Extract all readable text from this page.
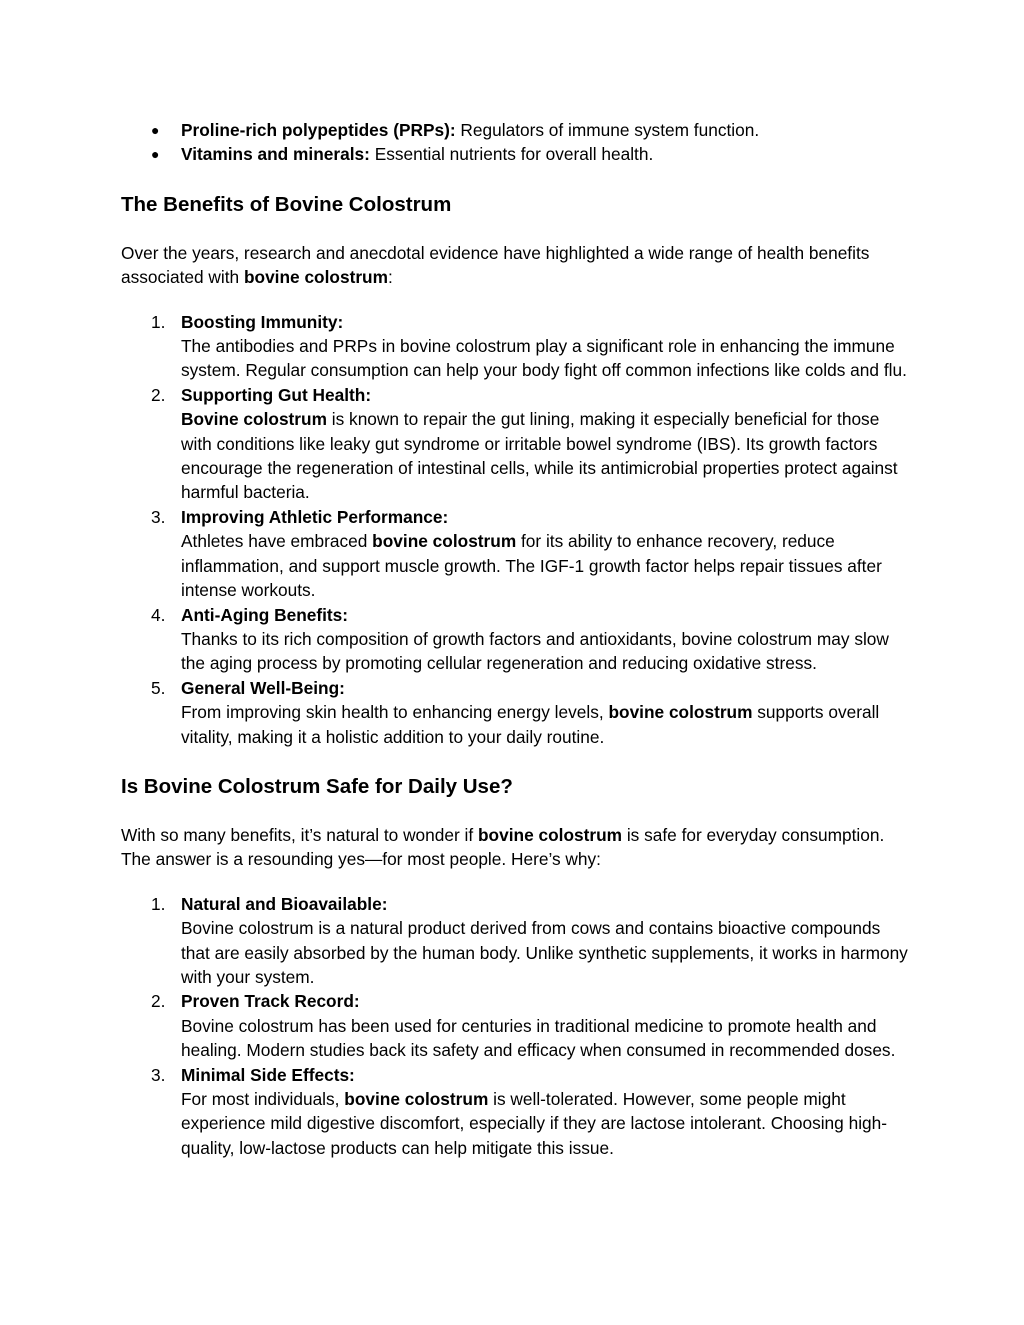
● Proline-rich polypeptides (PRPs): Regulators of immune system function.
● Vitamins and minerals: Essential nutrients for overall health.
The Benefits of Bovine Colostrum

Over the years, research and anecdotal evidence have highlighted a wide range of health benefits associated with bovine colostrum:

1. Boosting Immunity:
The antibodies and PRPs in bovine colostrum play a significant role in enhancing the immune system. Regular consumption can help your body fight off common infections like colds and flu.
2. Supporting Gut Health:
Bovine colostrum is known to repair the gut lining, making it especially beneficial for those with conditions like leaky gut syndrome or irritable bowel syndrome (IBS). Its growth factors encourage the regeneration of intestinal cells, while its antimicrobial properties protect against harmful bacteria.
3. Improving Athletic Performance:
Athletes have embraced bovine colostrum for its ability to enhance recovery, reduce inflammation, and support muscle growth. The IGF-1 growth factor helps repair tissues after intense workouts.
4. Anti-Aging Benefits:
Thanks to its rich composition of growth factors and antioxidants, bovine colostrum may slow the aging process by promoting cellular regeneration and reducing oxidative stress.
5. General Well-Being:
From improving skin health to enhancing energy levels, bovine colostrum supports overall vitality, making it a holistic addition to your daily routine.
Is Bovine Colostrum Safe for Daily Use?

With so many benefits, it’s natural to wonder if bovine colostrum is safe for everyday consumption. The answer is a resounding yes—for most people. Here’s why:

1. Natural and Bioavailable:
Bovine colostrum is a natural product derived from cows and contains bioactive compounds that are easily absorbed by the human body. Unlike synthetic supplements, it works in harmony with your system.
2. Proven Track Record:
Bovine colostrum has been used for centuries in traditional medicine to promote health and healing. Modern studies back its safety and efficacy when consumed in recommended doses.
3. Minimal Side Effects:
For most individuals, bovine colostrum is well-tolerated. However, some people might experience mild digestive discomfort, especially if they are lactose intolerant. Choosing high-quality, low-lactose products can help mitigate this issue.
